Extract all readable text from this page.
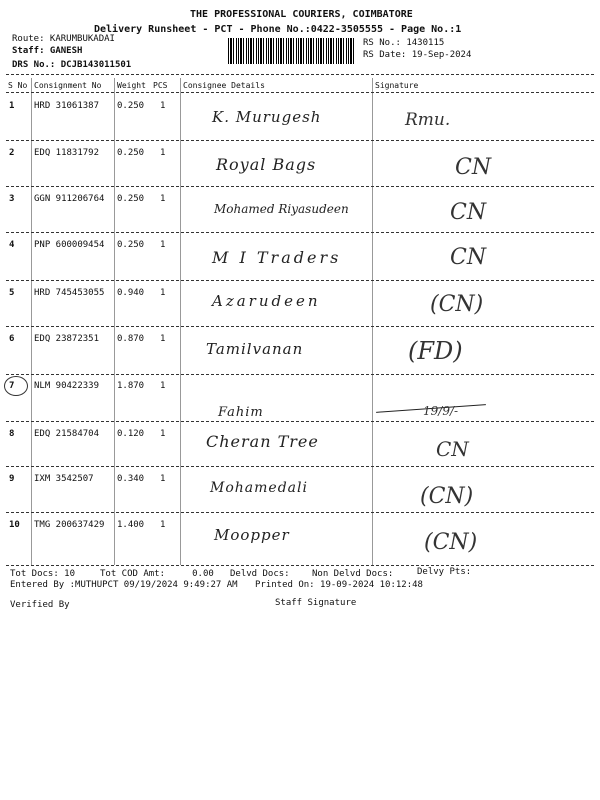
THE PROFESSIONAL COURIERS, COIMBATORE
Delivery Runsheet - PCT - Phone No.:0422-3505555 - Page No.:1
Route: KARUMBUKADAI
Staff: GANESH
DRS No.: DCJB143011501
RS No.: 1430115
RS Date: 19-Sep-2024
S No Consignment No Weight PCS Consignee Details	Signature
1 HRD 31061387 0.250 1
K. Murugesh	Rmu.
2 EDQ 11831792 0.250 1
Royal Bags	CN
3 GGN 911206764 0.250 1
Mohamed Riyasudeen	CN
4 PNP 600009454 0.250 1
M I Traders	CN
5 HRD 745453055 0.940 1	Azarudeen	(CN)
6 EDQ 23872351 0.870 1
Tamilvanan	(FD)
7 NLM 90422339 1.870 1
Fahim	19/9/-
8 EDQ 21584704 0.120 1	Cheran Tree	CN
9 IXM 3542507	0.340 1
Mohamedali	(CN)
10 TMG 200637429 1.400 1
Moopper	(CN)
Tot Docs: 10	Tot COD Amt:     0.00 Delvd Docs: Non Delvd Docs:	Delvy Pts:
Entered By :MUTHUPCT 09/19/2024 9:49:27 AM Printed On: 19-09-2024 10:12:48
Verified By	Staff Signature
